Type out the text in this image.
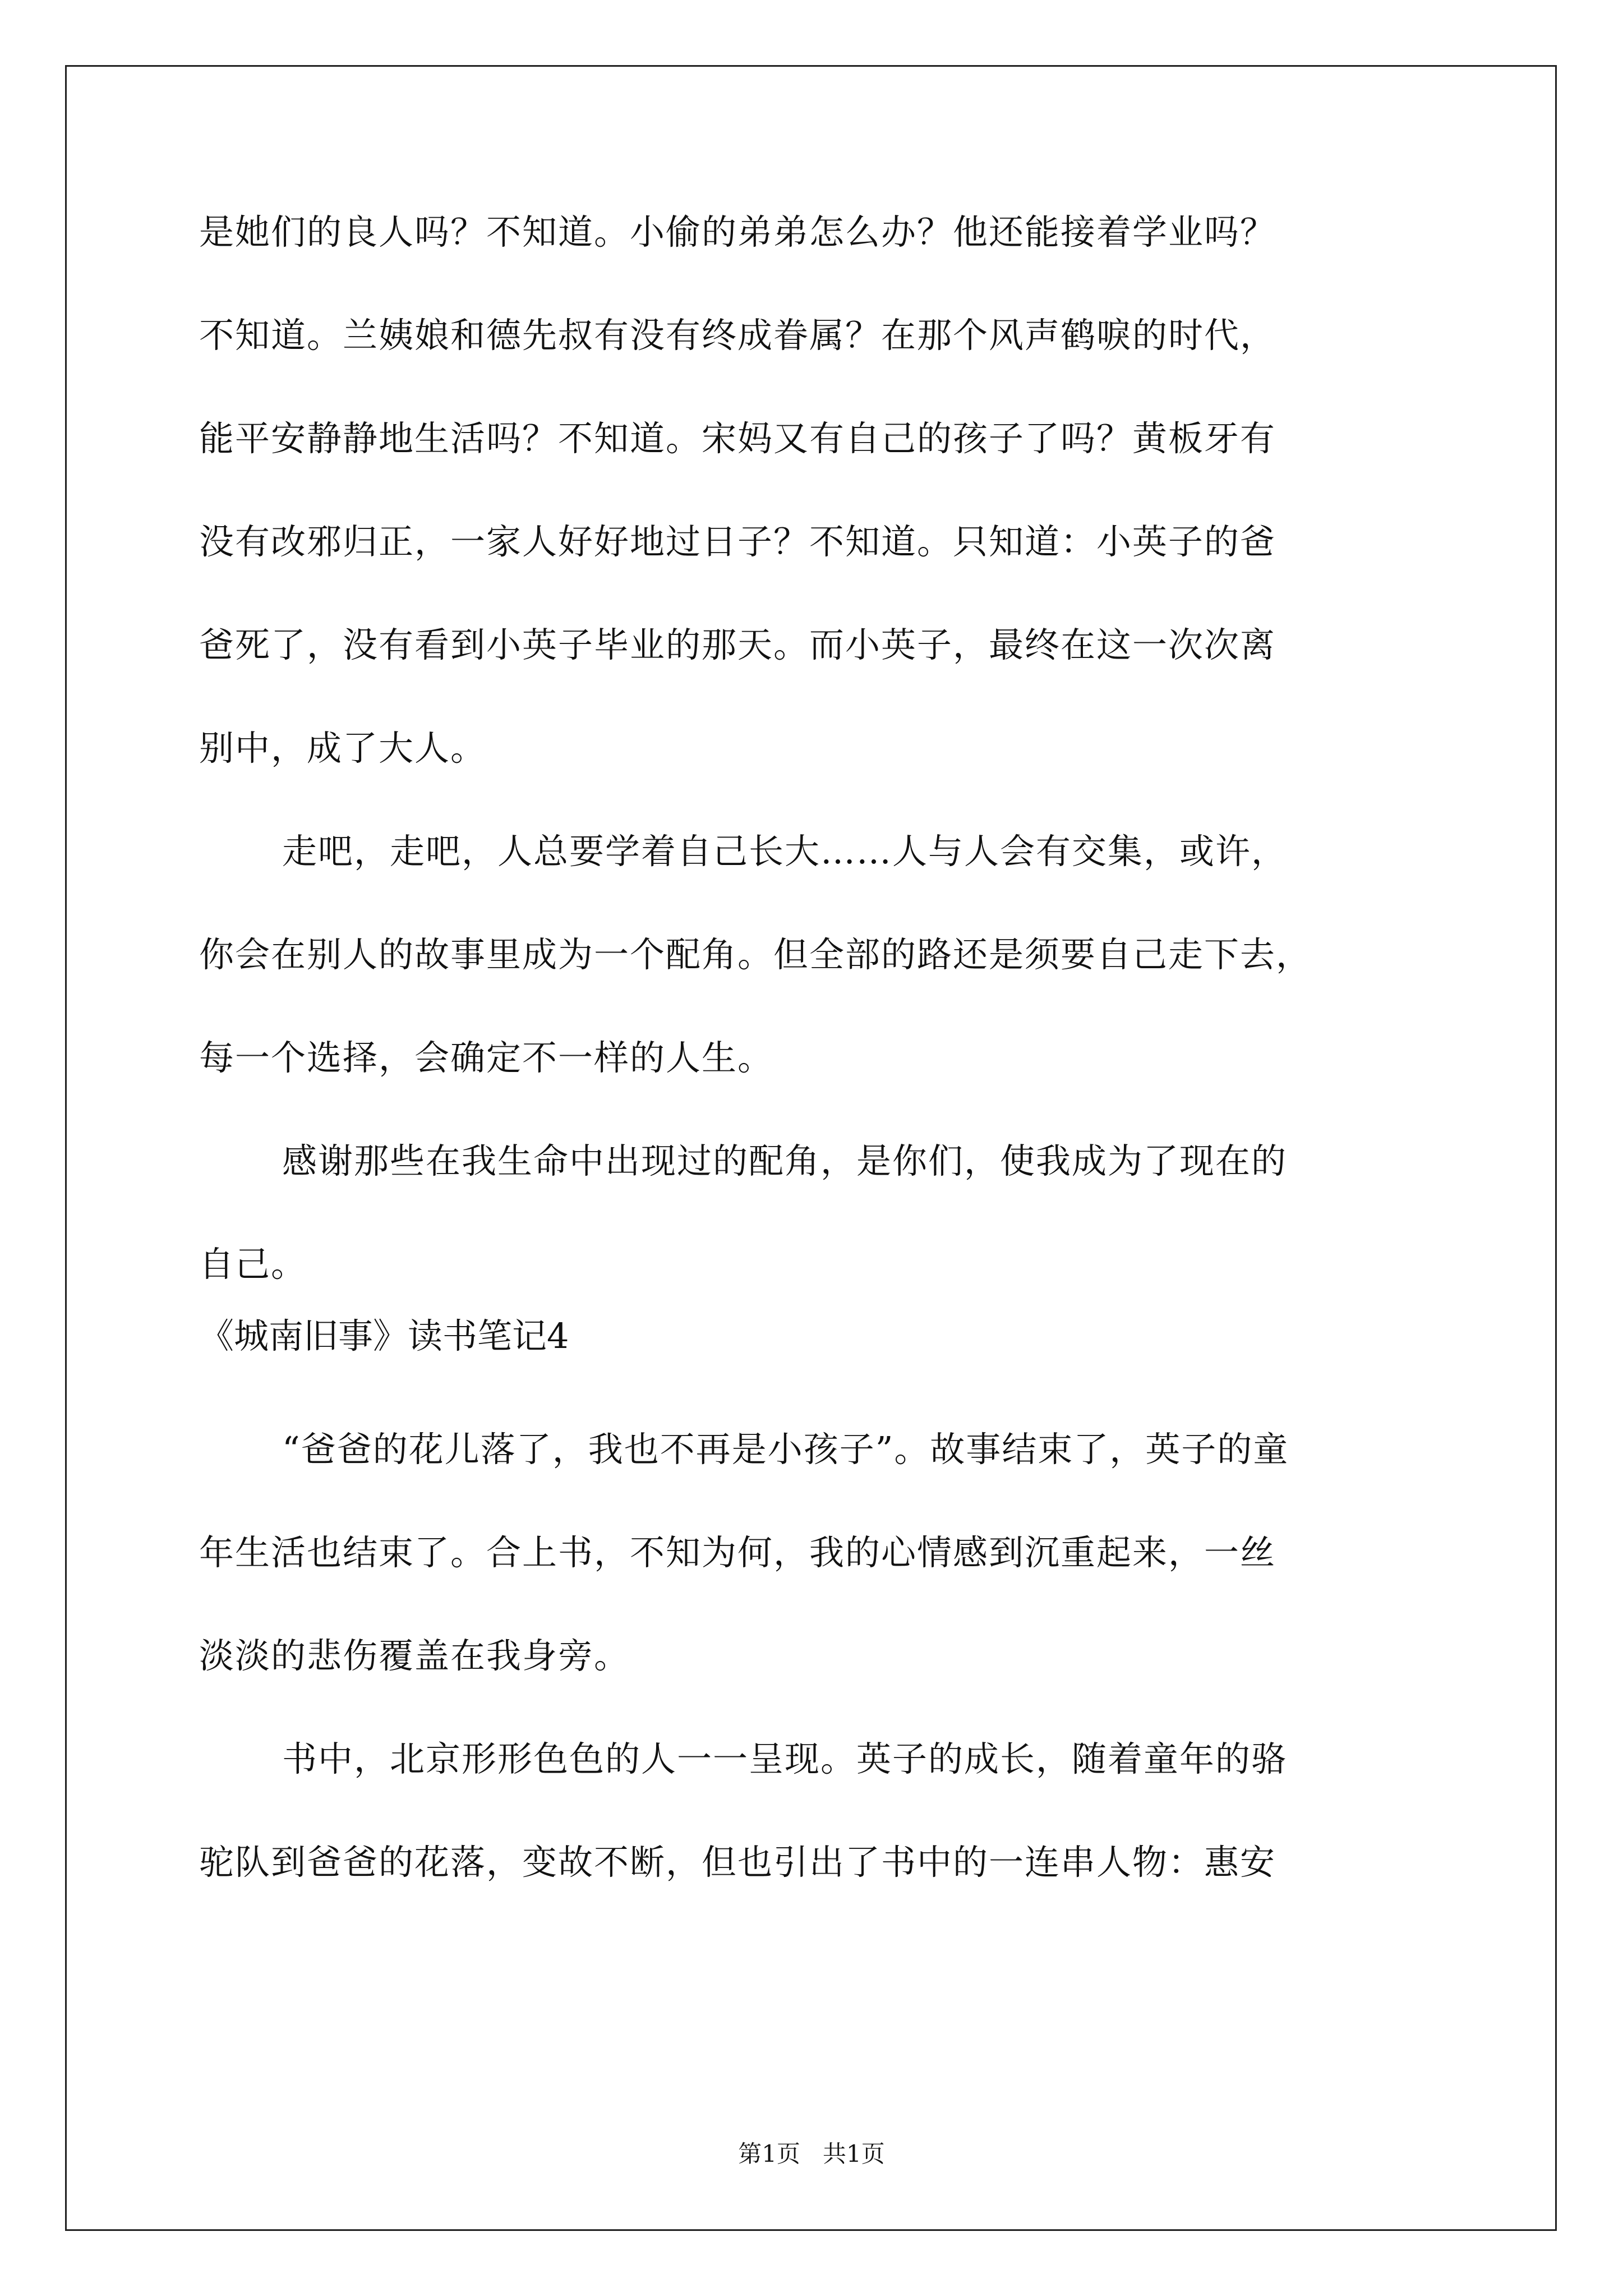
是她们的良人吗？不知道。小偷的弟弟怎么办？他还能接着学业吗？
不知道。兰姨娘和德先叔有没有终成眷属？在那个风声鹤唳的时代，
能平安静静地生活吗？不知道。宋妈又有自己的孩子了吗？黄板牙有
没有改邪归正，一家人好好地过日子？不知道。只知道：小英子的爸
爸死了，没有看到小英子毕业的那天。而小英子，最终在这一次次离
别中，成了大人。
走吧，走吧，人总要学着自己长大……人与人会有交集，或许，
你会在别人的故事里成为一个配角。但全部的路还是须要自己走下去，
每一个选择，会确定不一样的人生。
感谢那些在我生命中出现过的配角，是你们，使我成为了现在的
自己。
《城南旧事》读书笔记4
“爸爸的花儿落了，我也不再是小孩子”。故事结束了，英子的童
年生活也结束了。合上书，不知为何，我的心情感到沉重起来，一丝
淡淡的悲伤覆盖在我身旁。
书中，北京形形色色的人一一呈现。英子的成长，随着童年的骆
驼队到爸爸的花落，变故不断，但也引出了书中的一连串人物：惠安
第1页   共1页
